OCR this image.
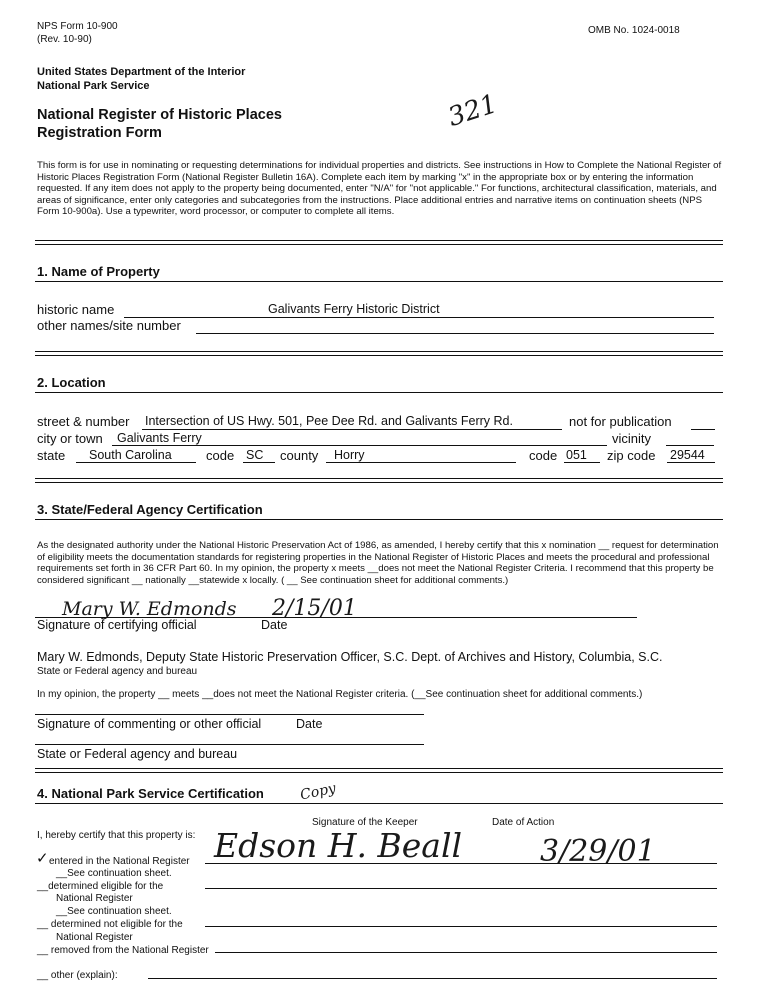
NPS Form 10-900
(Rev. 10-90)
OMB No. 1024-0018
United States Department of the Interior
National Park Service
National Register of Historic Places
Registration Form
321
This form is for use in nominating or requesting determinations for individual properties and districts. See instructions in How to Complete the National Register of Historic Places Registration Form (National Register Bulletin 16A). Complete each item by marking "x" in the appropriate box or by entering the information requested. If any item does not apply to the property being documented, enter "N/A" for "not applicable." For functions, architectural classification, materials, and areas of significance, enter only categories and subcategories from the instructions. Place additional entries and narrative items on continuation sheets (NPS Form 10-900a). Use a typewriter, word processor, or computer to complete all items.
1. Name of Property
historic name	Galivants Ferry Historic District
other names/site number
2. Location
street & number Intersection of US Hwy. 501, Pee Dee Rd. and Galivants Ferry Rd.	not for publication
city or town Galivants Ferry	vicinity
state South Carolina	code SC county Horry	code 051 zip code 29544
3. State/Federal Agency Certification
As the designated authority under the National Historic Preservation Act of 1986, as amended, I hereby certify that this x nomination __ request for determination of eligibility meets the documentation standards for registering properties in the National Register of Historic Places and meets the procedural and professional requirements set forth in 36 CFR Part 60. In my opinion, the property x meets __does not meet the National Register Criteria. I recommend that this property be considered significant __ nationally __statewide x locally. ( __ See continuation sheet for additional comments.)
Mary W. Edmonds 2/15/01
Signature of certifying official	Date
Mary W. Edmonds, Deputy State Historic Preservation Officer, S.C. Dept. of Archives and History, Columbia, S.C.
State or Federal agency and bureau
In my opinion, the property __ meets __does not meet the National Register criteria. (__See continuation sheet for additional comments.)
Signature of commenting or other official	Date
State or Federal agency and bureau
4. National Park Service Certification Copy
I, hereby certify that this property is:
Signature of the Keeper	Date of Action
Edson H. Beall	3/29/01
✓ entered in the National Register
__See continuation sheet.
__determined eligible for the
National Register
__See continuation sheet.
__ determined not eligible for the
National Register
__ removed from the National Register
__ other (explain):
